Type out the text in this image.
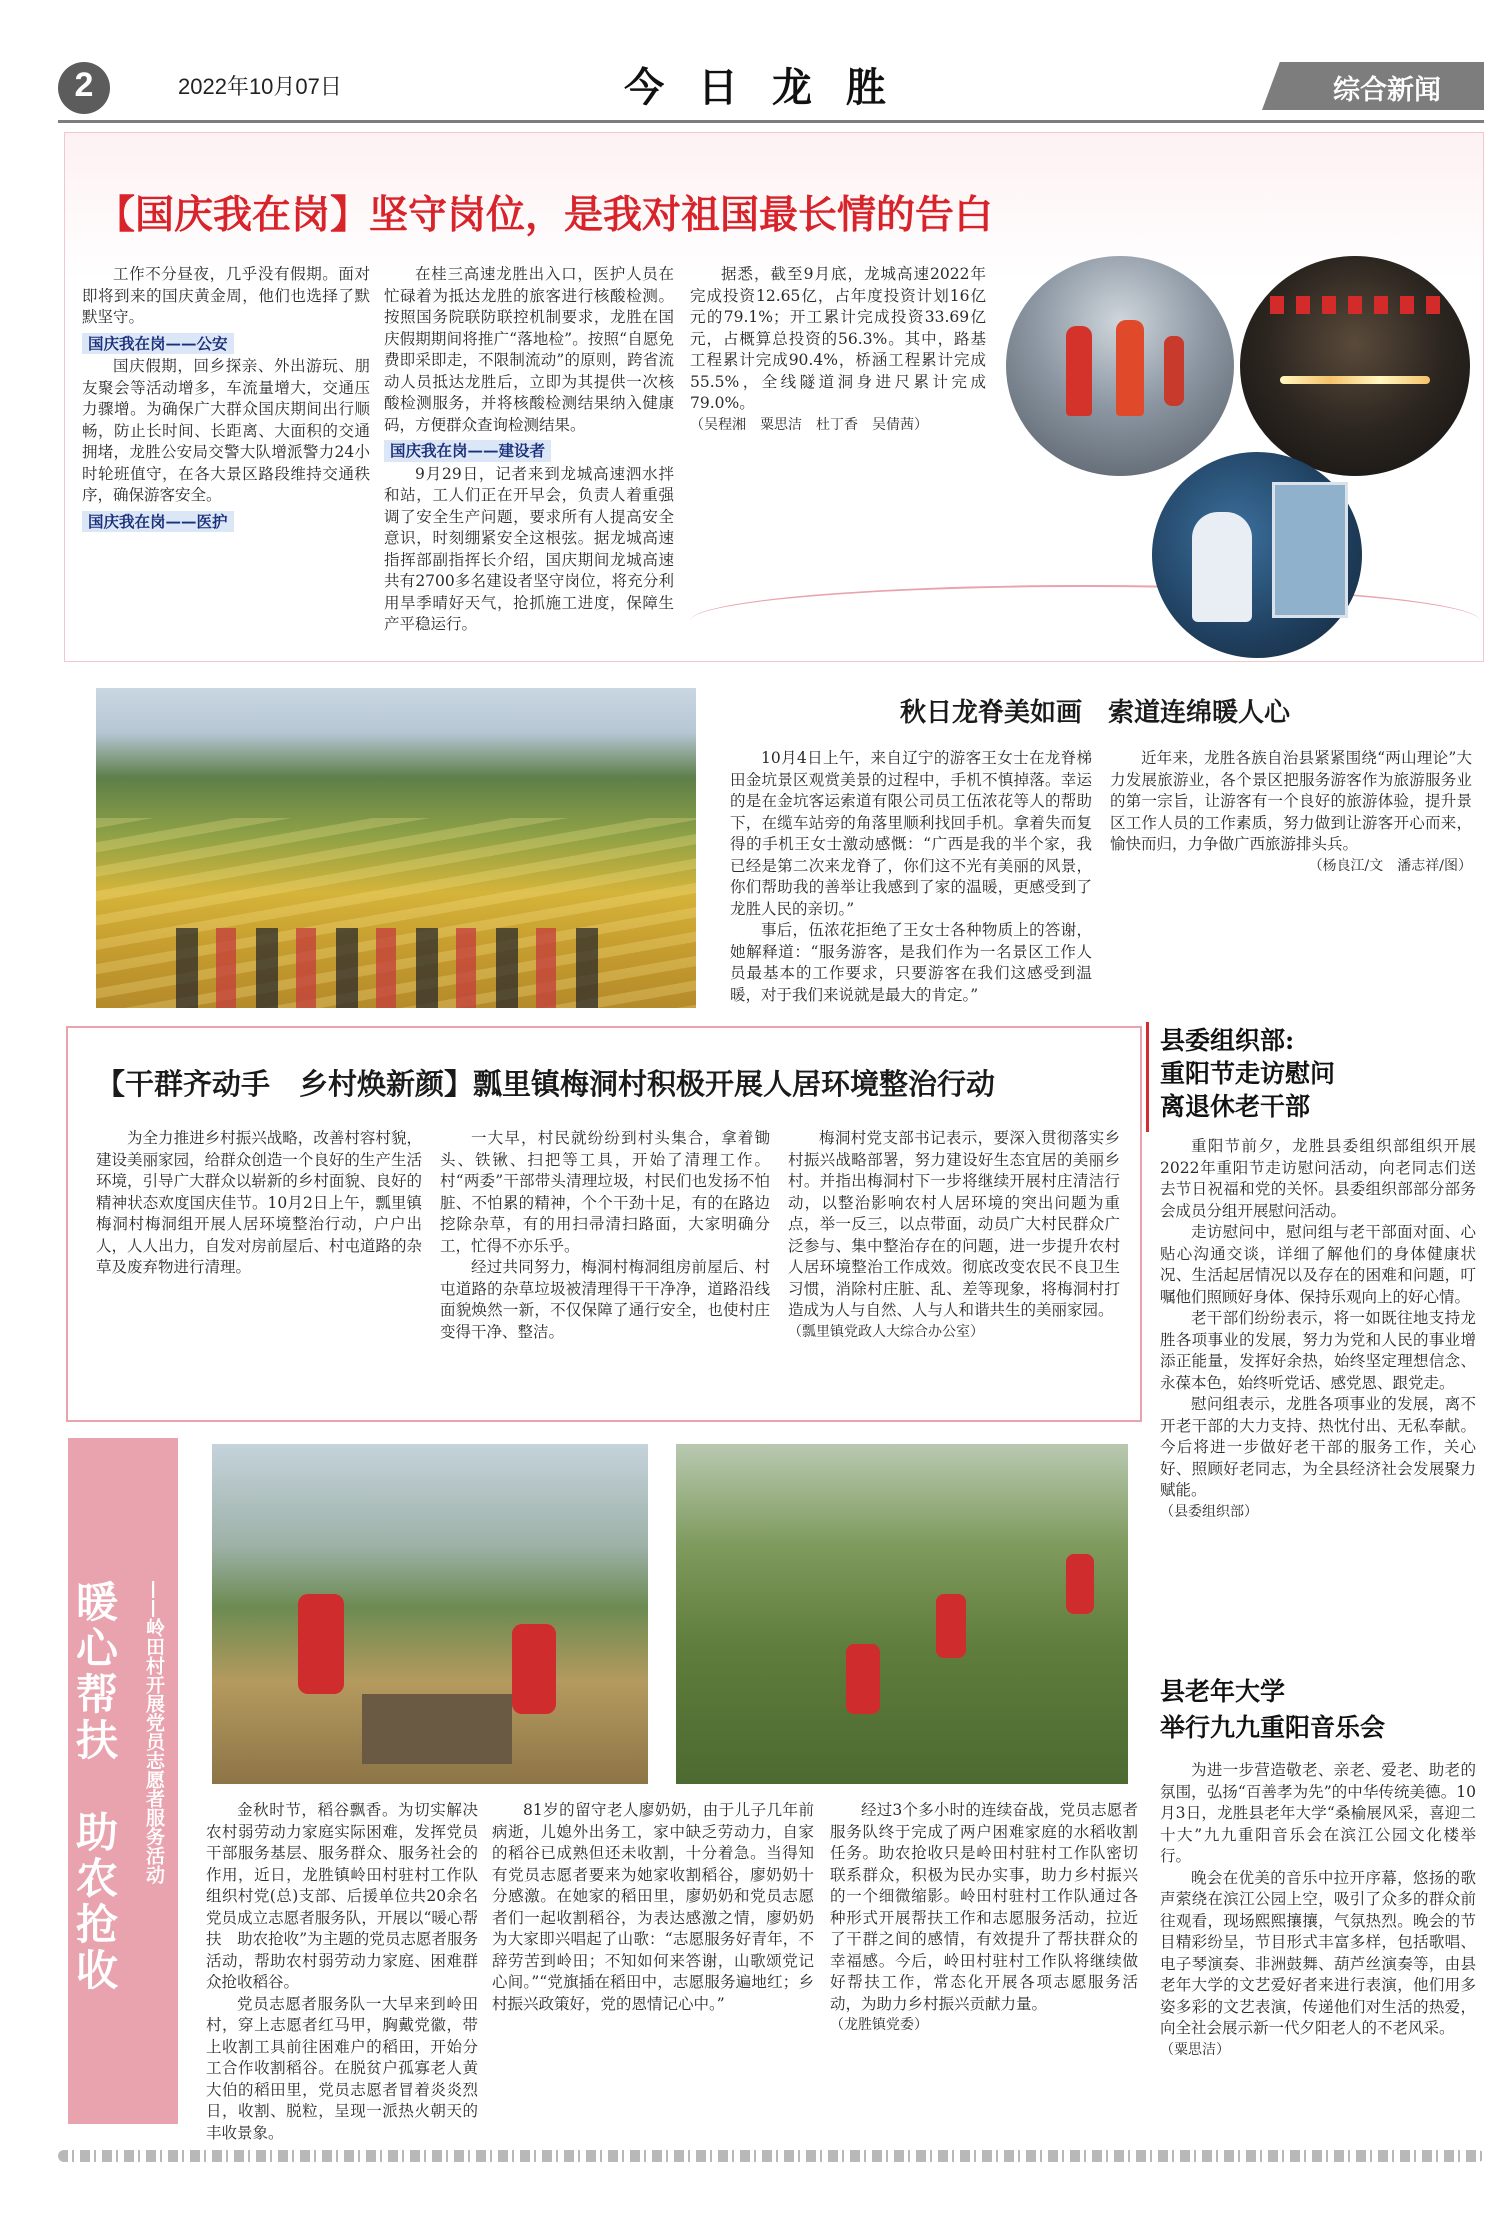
2	2022年10月07日	今 日 龙 胜	综合新闻
【国庆我在岗】坚守岗位，是我对祖国最长情的告白

工作不分昼夜，几乎没有假期。面对即将到来的国庆黄金周，他们也选择了默默坚守。

国庆我在岗——公安

国庆假期，回乡探亲、外出游玩、朋友聚会等活动增多，车流量增大，交通压力骤增。为确保广大群众国庆期间出行顺畅，防止长时间、长距离、大面积的交通拥堵，龙胜公安局交警大队增派警力24小时轮班值守，在各大景区路段维持交通秩序，确保游客安全。

国庆我在岗——医护

在桂三高速龙胜出入口，医护人员在忙碌着为抵达龙胜的旅客进行核酸检测。按照国务院联防联控机制要求，龙胜在国庆假期期间将推广“落地检”。按照“自愿免费即采即走，不限制流动”的原则，跨省流动人员抵达龙胜后，立即为其提供一次核酸检测服务，并将核酸检测结果纳入健康码，方便群众查询检测结果。

国庆我在岗——建设者

9月29日，记者来到龙城高速泗水拌和站，工人们正在开早会，负责人着重强调了安全生产问题，要求所有人提高安全意识，时刻绷紧安全这根弦。据龙城高速指挥部副指挥长介绍，国庆期间龙城高速共有2700多名建设者坚守岗位，将充分利用旱季晴好天气，抢抓施工进度，保障生产平稳运行。

据悉，截至9月底，龙城高速2022年完成投资12.65亿，占年度投资计划16亿元的79.1%；开工累计完成投资33.69亿元，占概算总投资的56.3%。其中，路基工程累计完成90.4%，桥涵工程累计完成55.5%，全线隧道洞身进尺累计完成79.0%。

（吴程湘　粟思洁　杜丁香　吴倩茜）

秋日龙脊美如画　索道连绵暖人心

10月4日上午，来自辽宁的游客王女士在龙脊梯田金坑景区观赏美景的过程中，手机不慎掉落。幸运的是在金坑客运索道有限公司员工伍浓花等人的帮助下，在缆车站旁的角落里顺利找回手机。拿着失而复得的手机王女士激动感慨：“广西是我的半个家，我已经是第二次来龙脊了，你们这不光有美丽的风景，你们帮助我的善举让我感到了家的温暖，更感受到了龙胜人民的亲切。”

事后，伍浓花拒绝了王女士各种物质上的答谢，她解释道：“服务游客，是我们作为一名景区工作人员最基本的工作要求，只要游客在我们这感受到温暖，对于我们来说就是最大的肯定。”

近年来，龙胜各族自治县紧紧围绕“两山理论”大力发展旅游业，各个景区把服务游客作为旅游服务业的第一宗旨，让游客有一个良好的旅游体验，提升景区工作人员的工作素质，努力做到让游客开心而来，愉快而归，力争做广西旅游排头兵。

（杨良江/文　潘志祥/图）

【干群齐动手　乡村焕新颜】瓢里镇梅洞村积极开展人居环境整治行动

为全力推进乡村振兴战略，改善村容村貌，建设美丽家园，给群众创造一个良好的生产生活环境，引导广大群众以崭新的乡村面貌、良好的精神状态欢度国庆佳节。10月2日上午，瓢里镇梅洞村梅洞组开展人居环境整治行动，户户出人，人人出力，自发对房前屋后、村屯道路的杂草及废弃物进行清理。

一大早，村民就纷纷到村头集合，拿着锄头、铁锹、扫把等工具，开始了清理工作。村“两委”干部带头清理垃圾，村民们也发扬不怕脏、不怕累的精神，个个干劲十足，有的在路边挖除杂草，有的用扫帚清扫路面，大家明确分工，忙得不亦乐乎。

经过共同努力，梅洞村梅洞组房前屋后、村屯道路的杂草垃圾被清理得干干净净，道路沿线面貌焕然一新，不仅保障了通行安全，也使村庄变得干净、整洁。

梅洞村党支部书记表示，要深入贯彻落实乡村振兴战略部署，努力建设好生态宜居的美丽乡村。并指出梅洞村下一步将继续开展村庄清洁行动，以整治影响农村人居环境的突出问题为重点，举一反三，以点带面，动员广大村民群众广泛参与、集中整治存在的问题，进一步提升农村人居环境整治工作成效。彻底改变农民不良卫生习惯，消除村庄脏、乱、差等现象，将梅洞村打造成为人与自然、人与人和谐共生的美丽家园。

（瓢里镇党政人大综合办公室）

暖心帮扶　助农抢收	——岭田村开展党员志愿者服务活动	金秋时节，稻谷飘香。为切实解决农村弱劳动力家庭实际困难，发挥党员干部服务基层、服务群众、服务社会的作用，近日，龙胜镇岭田村驻村工作队组织村党(总)支部、后援单位共20余名党员成立志愿者服务队，开展以“暖心帮扶　助农抢收”为主题的党员志愿者服务活动，帮助农村弱劳动力家庭、困难群众抢收稻谷。

党员志愿者服务队一大早来到岭田村，穿上志愿者红马甲，胸戴党徽，带上收割工具前往困难户的稻田，开始分工合作收割稻谷。在脱贫户孤寡老人黄大伯的稻田里，党员志愿者冒着炎炎烈日，收割、脱粒，呈现一派热火朝天的丰收景象。

81岁的留守老人廖奶奶，由于儿子几年前病逝，儿媳外出务工，家中缺乏劳动力，自家的稻谷已成熟但还未收割，十分着急。当得知有党员志愿者要来为她家收割稻谷，廖奶奶十分感激。在她家的稻田里，廖奶奶和党员志愿者们一起收割稻谷，为表达感激之情，廖奶奶为大家即兴唱起了山歌：“志愿服务好青年，不辞劳苦到岭田；不知如何来答谢，山歌颂党记心间。”“党旗插在稻田中，志愿服务遍地红；乡村振兴政策好，党的恩情记心中。”

经过3个多小时的连续奋战，党员志愿者服务队终于完成了两户困难家庭的水稻收割任务。助农抢收只是岭田村驻村工作队密切联系群众，积极为民办实事，助力乡村振兴的一个细微缩影。岭田村驻村工作队通过各种形式开展帮扶工作和志愿服务活动，拉近了干群之间的感情，有效提升了帮扶群众的幸福感。今后，岭田村驻村工作队将继续做好帮扶工作，常态化开展各项志愿服务活动，为助力乡村振兴贡献力量。

（龙胜镇党委）

县委组织部:
重阳节走访慰问
离退休老干部

重阳节前夕，龙胜县委组织部组织开展2022年重阳节走访慰问活动，向老同志们送去节日祝福和党的关怀。县委组织部部分部务会成员分组开展慰问活动。

走访慰问中，慰问组与老干部面对面、心贴心沟通交谈，详细了解他们的身体健康状况、生活起居情况以及存在的困难和问题，叮嘱他们照顾好身体、保持乐观向上的好心情。

老干部们纷纷表示，将一如既往地支持龙胜各项事业的发展，努力为党和人民的事业增添正能量，发挥好余热，始终坚定理想信念、永葆本色，始终听党话、感党恩、跟党走。

慰问组表示，龙胜各项事业的发展，离不开老干部的大力支持、热忱付出、无私奉献。今后将进一步做好老干部的服务工作，关心好、照顾好老同志，为全县经济社会发展聚力赋能。

（县委组织部）

县老年大学
举行九九重阳音乐会

为进一步营造敬老、亲老、爱老、助老的氛围，弘扬“百善孝为先”的中华传统美德。10月3日，龙胜县老年大学“桑榆展风采，喜迎二十大”九九重阳音乐会在滨江公园文化楼举行。

晚会在优美的音乐中拉开序幕，悠扬的歌声萦绕在滨江公园上空，吸引了众多的群众前往观看，现场熙熙攘攘，气氛热烈。晚会的节目精彩纷呈，节目形式丰富多样，包括歌唱、电子琴演奏、非洲鼓舞、葫芦丝演奏等，由县老年大学的文艺爱好者来进行表演，他们用多姿多彩的文艺表演，传递他们对生活的热爱，向全社会展示新一代夕阳老人的不老风采。

（粟思洁）
